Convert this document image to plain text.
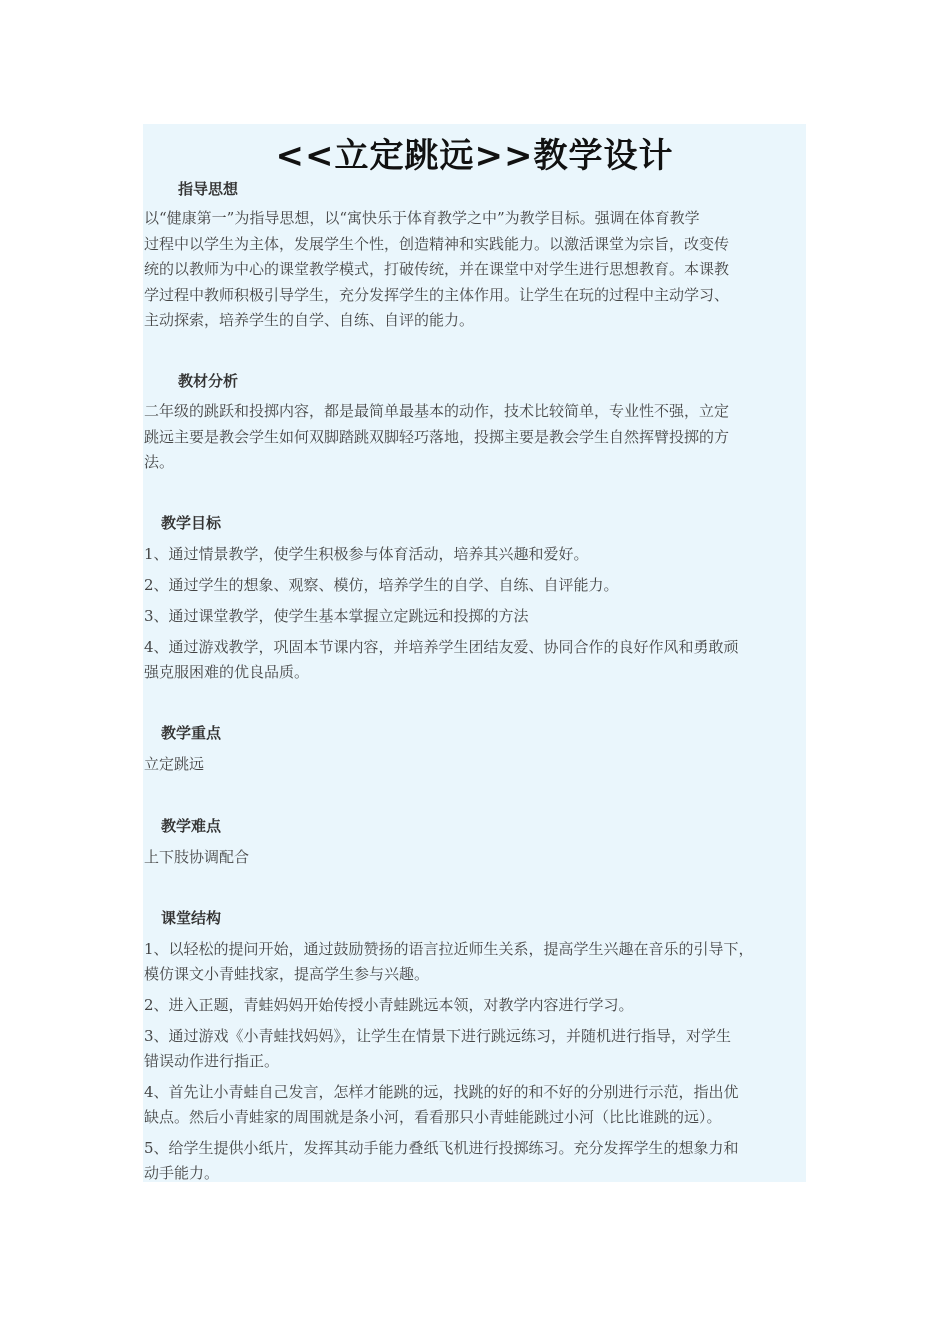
<<立定跳远>>教学设计
指导思想
以“健康第一”为指导思想，以“寓快乐于体育教学之中”为教学目标。强调在体育教学
过程中以学生为主体，发展学生个性，创造精神和实践能力。以激活课堂为宗旨，改变传
统的以教师为中心的课堂教学模式，打破传统，并在课堂中对学生进行思想教育。本课教
学过程中教师积极引导学生，充分发挥学生的主体作用。让学生在玩的过程中主动学习、
主动探索，培养学生的自学、自练、自评的能力。
教材分析
二年级的跳跃和投掷内容，都是最简单最基本的动作，技术比较简单，专业性不强，立定
跳远主要是教会学生如何双脚踏跳双脚轻巧落地，投掷主要是教会学生自然挥臂投掷的方
法。
教学目标
1、通过情景教学，使学生积极参与体育活动，培养其兴趣和爱好。
2、通过学生的想象、观察、模仿，培养学生的自学、自练、自评能力。
3、通过课堂教学，使学生基本掌握立定跳远和投掷的方法
4、通过游戏教学，巩固本节课内容，并培养学生团结友爱、协同合作的良好作风和勇敢顽
强克服困难的优良品质。
教学重点
立定跳远
教学难点
上下肢协调配合
课堂结构
1、以轻松的提问开始，通过鼓励赞扬的语言拉近师生关系，提高学生兴趣在音乐的引导下，
模仿课文小青蛙找家，提高学生参与兴趣。
2、进入正题，青蛙妈妈开始传授小青蛙跳远本领，对教学内容进行学习。
3、通过游戏《小青蛙找妈妈》，让学生在情景下进行跳远练习，并随机进行指导，对学生
错误动作进行指正。
4、首先让小青蛙自己发言，怎样才能跳的远，找跳的好的和不好的分别进行示范，指出优
缺点。然后小青蛙家的周围就是条小河，看看那只小青蛙能跳过小河（比比谁跳的远）。
5、给学生提供小纸片，发挥其动手能力叠纸飞机进行投掷练习。充分发挥学生的想象力和
动手能力。
